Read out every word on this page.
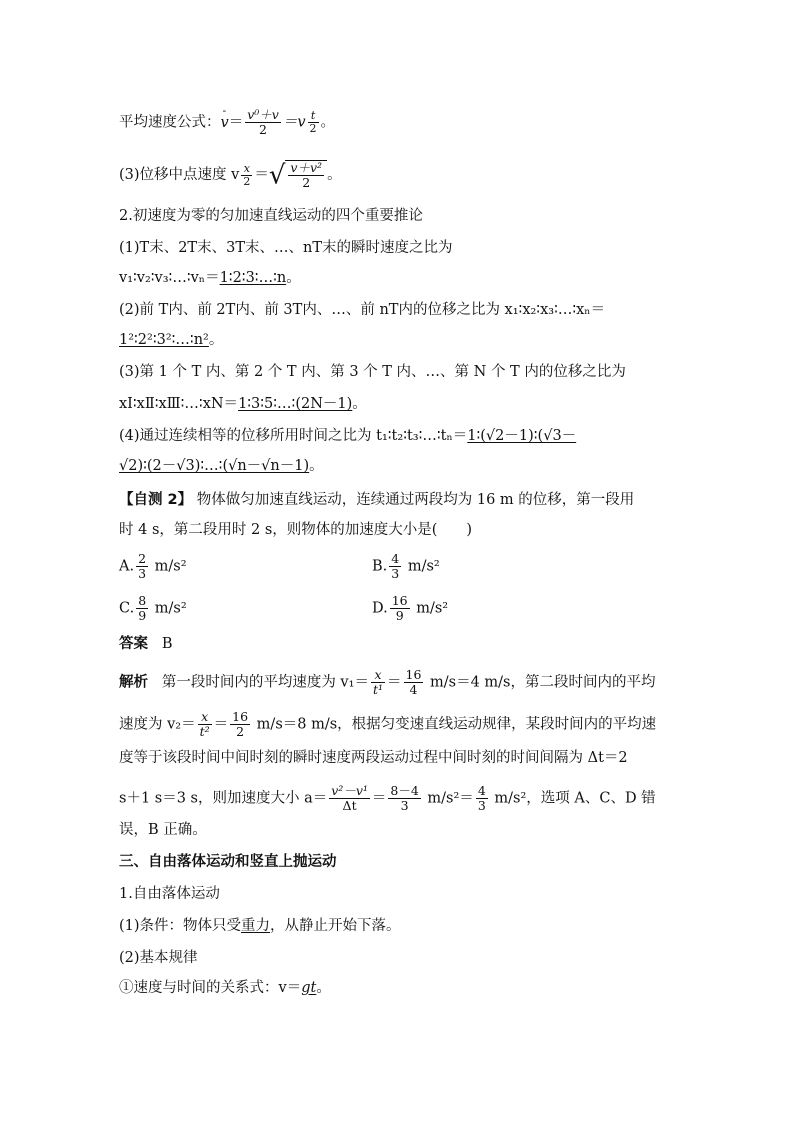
平均速度公式：
-
$v= \frac{\text{v⁰＋v}}{2} =v \frac{t}{2}$ 。
(3)位移中点速度 v $\frac{x}{2}$ ＝√ $\frac{\text{v＋v²}}{2}$ 。
2.初速度为零的匀加速直线运动的四个重要推论
(1)T末、2T末、3T末、…、nT末的瞬时速度之比为
v₁∶v₂∶v₃∶…∶vₙ＝1∶2∶3∶…∶n。
(2)前 T内、前 2T内、前 3T内、…、前 nT内的位移之比为 x₁∶x₂∶x₃∶…∶xₙ＝
1²∶2²∶3²∶…∶n²。
(3)第 1 个 T 内、第 2 个 T 内、第 3 个 T 内、…、第 N 个 T 内的位移之比为
xⅠ∶xⅡ∶xⅢ∶…∶xN＝1∶3∶5∶…∶(2N－1)。
(4)通过连续相等的位移所用时间之比为 t₁∶t₂∶t₃∶…∶tₙ＝1∶(√2－1)∶(√3－
√2)∶(2－√3)∶…∶(√n－√n－1)。
【自测 2】 物体做匀加速直线运动，连续通过两段均为 16 m 的位移，第一段用
时 4 s，第二段用时 2 s，则物体的加速度大小是(　　)
A. $\frac{2}{3} m/s^2$	B. $\frac{4}{3} m/s^2$
C. $\frac{8}{9} m/s^2$	D. $\frac{16}{9} m/s^2$
答案 B
解析 第一段时间内的平均速度为 $v_1= \frac{x}{\text{t¹}} = \frac{16}{4} m/s=4$ m/s，第二段时间内的平均
速度为 $v_2= \frac{x}{\text{t²}} = \frac{16}{2} m/s=8$ m/s，根据匀变速直线运动规律，某段时间内的平均速
度等于该段时间中间时刻的瞬时速度两段运动过程中间时刻的时间间隔为 Δt＝2
s＋1 s＝3 s，则加速度大小 $a= \frac{\text{v²－v¹}}{\Delta t} = \frac{8-4}{3} m/s^2= \frac{4}{3} m/s^2$，选项 A、C、D 错
误，B 正确。
三、自由落体运动和竖直上抛运动
1.自由落体运动
(1)条件：物体只受重力，从静止开始下落。
(2)基本规律
①速度与时间的关系式：v＝gt。
